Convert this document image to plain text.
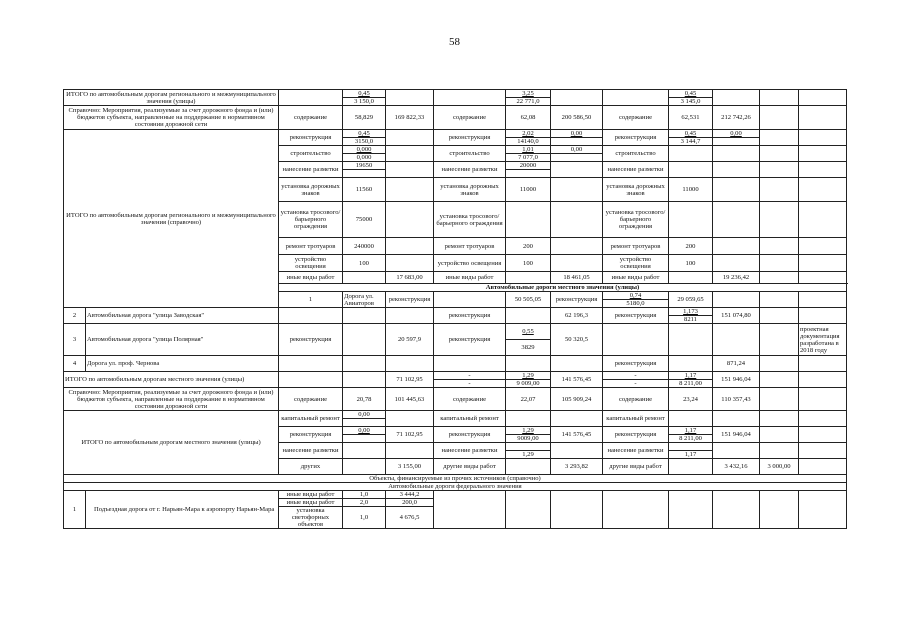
58
ИТОГО по автомобильным дорогам регионального и межмуниципального значения (улицы)			0,45			3,25			0,45				
			3 150,0			22 771,0			3 145,0				
Справочно: Мероприятия, реализуемые за счет дорожного фонда и (или) бюджетов субъекта, направленные на поддержание в нормативном состоянии дорожной сети		содержание	58,829	169 822,33	содержание	62,08	200 586,50	содержание	62,531	212 742,26			
ИТОГО по автомобильным дорогам регионального и межмуниципального значения (справочно)		реконструкция	0,45		реконструкция	2,02	0,00	реконструкция	0,45	0,00			
			3150,0			14140,0			3 144,7				
		строительство	0,000		строительство	1,01	0,00	строительство					
			0,000			7 077,0							
		нанесение разметки	19650		нанесение разметки	20000		нанесение разметки					

		установка дорожных знаков	11560		установка дорожных знаков	11000		установка дорожных знаков	11000				

		установка тросового/барьерного ограждения	75000		установка тросового/барьерного ограждения			установка тросового/барьерного ограждения					

		ремонт тротуаров	240000		ремонт тротуаров	200		ремонт тротуаров	200				
		устройство освещения	100		устройство освещения	100		устройство освещения	100				
		иные виды работ		17 683,00	иные виды работ		18 461,05	иные виды работ		19 236,42			
		Автомобильные дороги местного значения (улицы)											
		1	Дорога ул. Авиаторов	реконструкция		50 505,05	реконструкция	0,74	29 059,65					
								5180,0					
2	Автомобильная дорога "улица Заводская"				реконструкция		62 196,3	реконструкция	1,173	151 074,80			
									8211				
3	Автомобильная дорога "улица Полярная"	реконструкция		20 597,9	реконструкция	0,55	50 320,5					проектная документация разработана в 2018 году	
						3829							
4	Дорога ул. проф. Чернова							реконструкция		871,24			
ИТОГО по автомобильным дорогам местного значения (улицы)				71 102,95	-	1,29	141 576,45	-	1,17	151 946,04			
					-	9 009,00		-	8 211,00				
Справочно: Мероприятия, реализуемые за счет дорожного фонда и (или) бюджетов субъекта, направленные на поддержание в нормативном состоянии дорожной сети		содержание	20,78	101 445,63	содержание	22,07	105 909,24	содержание	23,24	110 357,43			
ИТОГО по автомобильным дорогам местного значения (улицы)		капитальный ремонт	0,00		капитальный ремонт			капитальный ремонт					

		реконструкция	0,00	71 102,95	реконструкция	1,29	141 576,45	реконструкция	1,17	151 946,04			
						9009,00			8 211,00				
		нанесение разметки			нанесение разметки			нанесение разметки					
						1,29			1,17				
		других		3 155,00	другие виды работ		3 293,82	другие виды работ		3 432,16	3 000,00		

Объекты, финансируемые из прочих источников (справочно)													
Автомобильные дороги федерального значения													
1	Подъездная дорога от г. Нарьян-Мара к аэропорту Нарьян-Мара	иные виды работ	1,0	3 444,2									
		иные виды работ	2,0	200,0									
		установка светофорных объектов	1,0	4 676,5									
